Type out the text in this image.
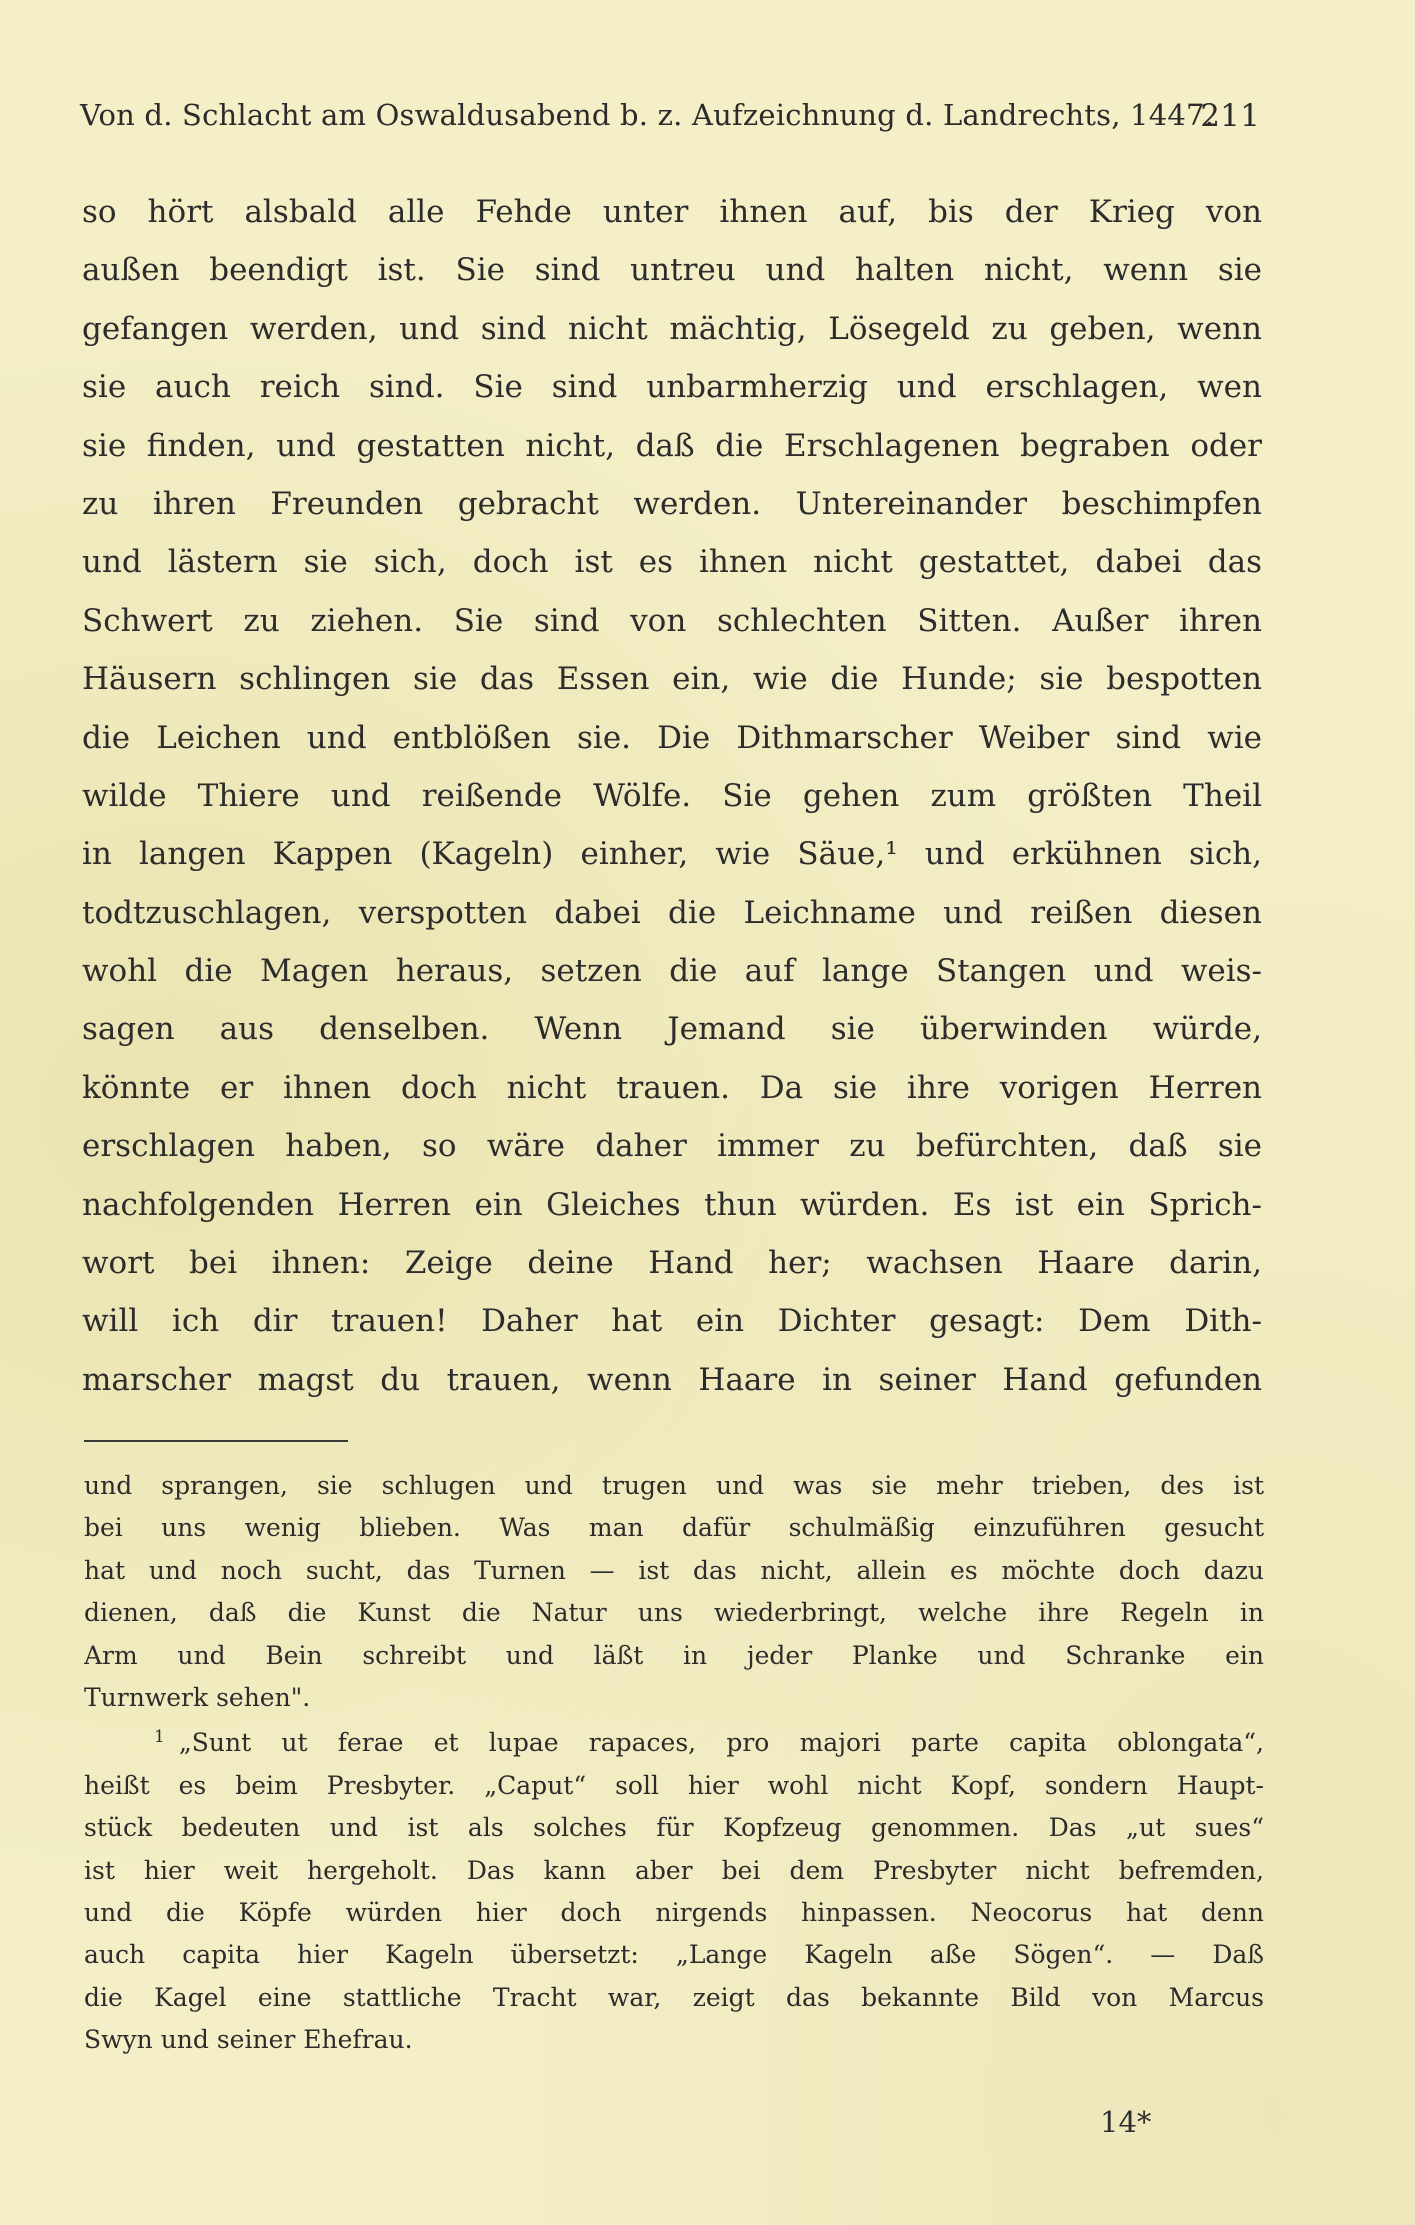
Von d. Schlacht am Oswaldusabend b. z. Aufzeichnung d. Landrechts, 1447.
211
so hört alsbald alle Fehde unter ihnen auf, bis der Krieg von
außen beendigt ist. Sie sind untreu und halten nicht, wenn sie
gefangen werden, und sind nicht mächtig, Lösegeld zu geben, wenn
sie auch reich sind. Sie sind unbarmherzig und erschlagen, wen
sie finden, und gestatten nicht, daß die Erschlagenen begraben oder
zu ihren Freunden gebracht werden. Untereinander beschimpfen
und lästern sie sich, doch ist es ihnen nicht gestattet, dabei das
Schwert zu ziehen. Sie sind von schlechten Sitten. Außer ihren
Häusern schlingen sie das Essen ein, wie die Hunde; sie bespotten
die Leichen und entblößen sie. Die Dithmarscher Weiber sind wie
wilde Thiere und reißende Wölfe. Sie gehen zum größten Theil
in langen Kappen (Kageln) einher, wie Säue,¹ und erkühnen sich,
todtzuschlagen, verspotten dabei die Leichname und reißen diesen
wohl die Magen heraus, setzen die auf lange Stangen und weis-
sagen aus denselben. Wenn Jemand sie überwinden würde,
könnte er ihnen doch nicht trauen. Da sie ihre vorigen Herren
erschlagen haben, so wäre daher immer zu befürchten, daß sie
nachfolgenden Herren ein Gleiches thun würden. Es ist ein Sprich-
wort bei ihnen: Zeige deine Hand her; wachsen Haare darin,
will ich dir trauen! Daher hat ein Dichter gesagt: Dem Dith-
marscher magst du trauen, wenn Haare in seiner Hand gefunden
und sprangen, sie schlugen und trugen und was sie mehr trieben, des ist
bei uns wenig blieben. Was man dafür schulmäßig einzuführen gesucht
hat und noch sucht, das Turnen — ist das nicht, allein es möchte doch dazu
dienen, daß die Kunst die Natur uns wiederbringt, welche ihre Regeln in
Arm und Bein schreibt und läßt in jeder Planke und Schranke ein
Turnwerk sehen".
$^1$ „Sunt ut ferae et lupae rapaces, pro majori parte capita oblongata“,
heißt es beim Presbyter. „Caput“ soll hier wohl nicht Kopf, sondern Haupt-
stück bedeuten und ist als solches für Kopfzeug genommen. Das „ut sues“
ist hier weit hergeholt. Das kann aber bei dem Presbyter nicht befremden,
und die Köpfe würden hier doch nirgends hinpassen. Neocorus hat denn
auch capita hier Kageln übersetzt: „Lange Kageln aße Sögen“. — Daß
die Kagel eine stattliche Tracht war, zeigt das bekannte Bild von Marcus
Swyn und seiner Ehefrau.
14*
